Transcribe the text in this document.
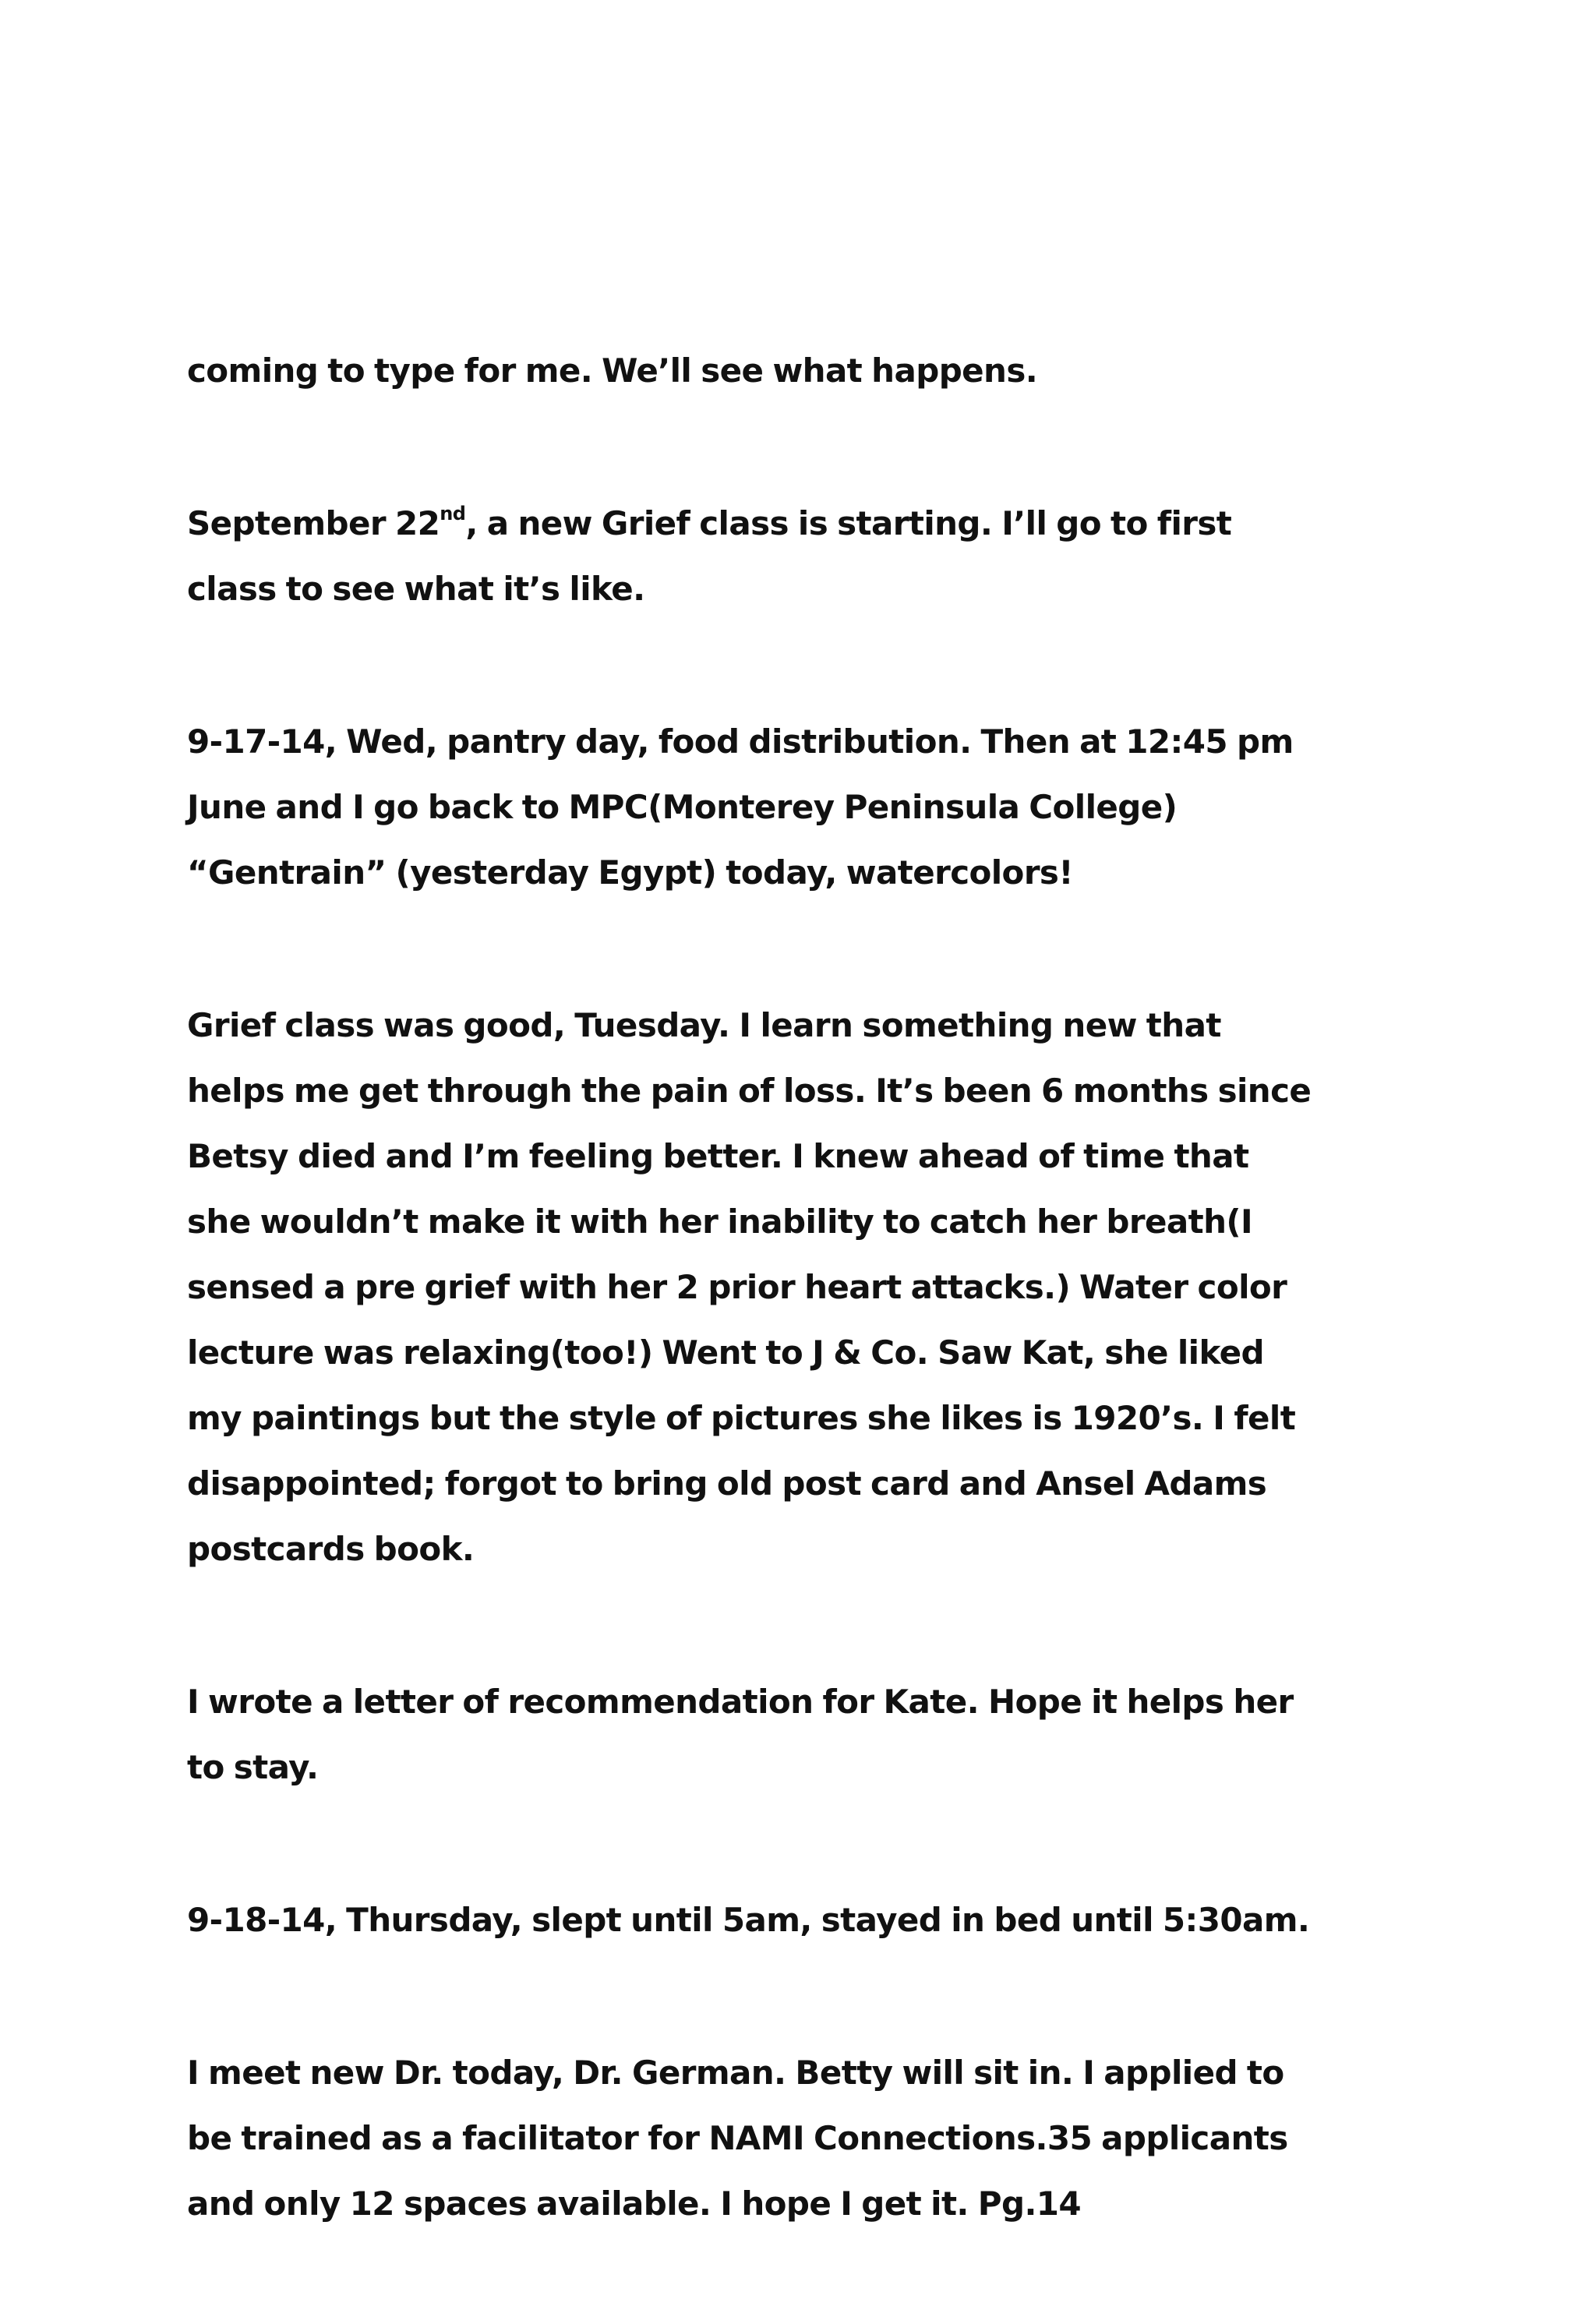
coming to type for me. We’ll see what happens.

September 22nd, a new Grief class is starting. I’ll go to first
class to see what it’s like.

9-17-14, Wed, pantry day, food distribution. Then at 12:45 pm
June and I go back to MPC(Monterey Peninsula College)
“Gentrain” (yesterday Egypt) today, watercolors!

Grief class was good, Tuesday. I learn something new that
helps me get through the pain of loss. It’s been 6 months since
Betsy died and I’m feeling better. I knew ahead of time that
she wouldn’t make it with her inability to catch her breath(I
sensed a pre grief with her 2 prior heart attacks.) Water color
lecture was relaxing(too!) Went to J & Co. Saw Kat, she liked
my paintings but the style of pictures she likes is 1920’s. I felt
disappointed; forgot to bring old post card and Ansel Adams
postcards book.

I wrote a letter of recommendation for Kate. Hope it helps her
to stay.

9-18-14, Thursday, slept until 5am, stayed in bed until 5:30am.

I meet new Dr. today, Dr. German. Betty will sit in. I applied to
be trained as a facilitator for NAMI Connections.35 applicants
and only 12 spaces available. I hope I get it. Pg.14
